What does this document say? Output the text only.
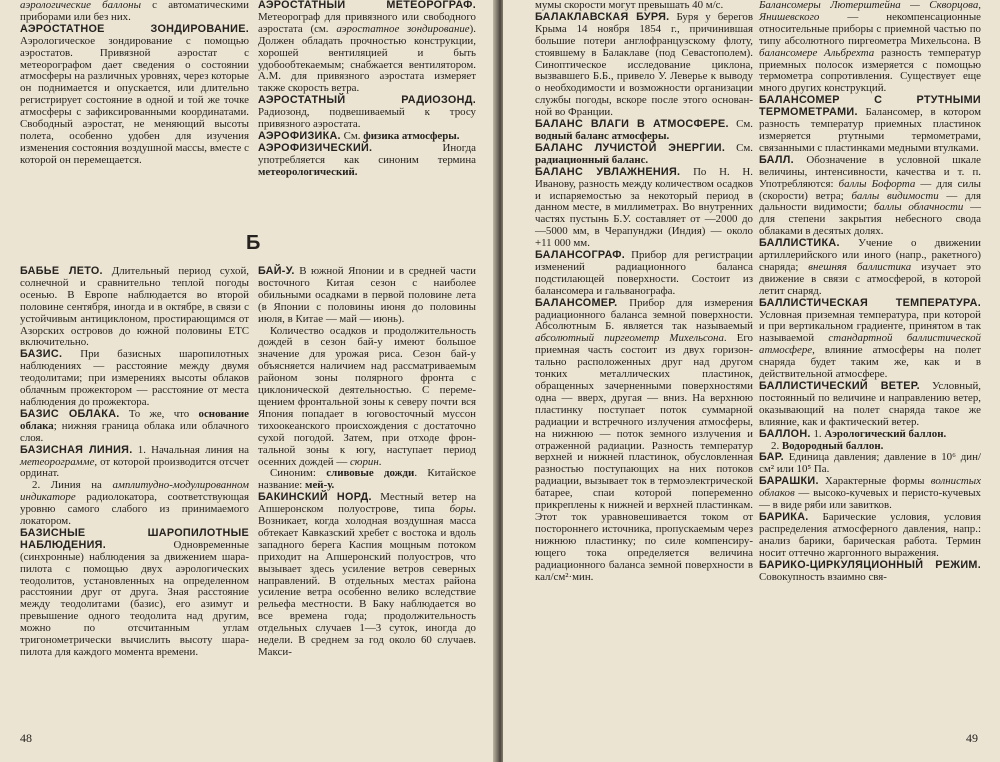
аэрологические баллоны с автоматическими приборами или без них.

АЭРОСТАТНОЕ ЗОНДИРОВАНИЕ. Аэрологическое зондирование с помощью аэростатов. Привязной аэростат с метеорографом дает сведения о состоянии атмосферы на различных уровнях, через которые он поднимается и опускается, или длительно регистрирует состояние в одной и той же точке атмосферы с зафиксированными координатами. Свободный аэростат, не меняющий высоты полета, особенно удобен для изучения изменения состояния воздушной массы, вместе с которой он перемещается.

АЭРОСТАТНЫЙ МЕТЕОРОГРАФ. Метеорограф для привязного или свободного аэростата (см. аэростатное зондирование). Должен обладать прочностью конструкции, хорошей вентиляцией и быть удобообтекаемым; снабжается вентилятором. А.М. для привязного аэростата измеряет также скорость ветра.

АЭРОСТАТНЫЙ РАДИОЗОНД. Радиозонд, подвешиваемый к тросу привязного аэростата.

АЭРОФИЗИКА. См. физика атмосферы.

АЭРОФИЗИЧЕСКИЙ. Иногда употребляется как синоним термина метеорологический.

Б

БАБЬЕ ЛЕТО. Длительный период сухой, солнечной и сравнительно теплой погоды осенью. В Европе наблюдается во второй половине сентября, иногда и в октябре, в связи с устойчивым антициклоном, простирающимся от Азорских островов до южной половины ЕТС включительно.

БАЗИС. При базисных шаропилотных наблюдениях — расстояние между двумя теодолитами; при измерениях высоты облаков облачным прожектором — расстояние от места наблюдения до прожектора.

БАЗИС ОБЛАКА. То же, что основание облака; нижняя граница облака или облачного слоя.

БАЗИСНАЯ ЛИНИЯ. 1. Начальная линия на метеорограмме, от которой производится отсчет ординат.

2. Линия на амплитудно-модулированном индикаторе радиолокатора, соответствующая уровню самого слабого из принимаемого локатором.

БАЗИСНЫЕ ШАРОПИЛОТНЫЕ НАБЛЮДЕНИЯ. Одновременные (синхронные) наблюдения за движением шара-пилота с помощью двух аэрологических теодолитов, установленных на определенном расстоянии друг от друга. Зная расстояние между теодолитами (базис), его азимут и превышение одного теодолита над другим, можно по отсчитанным углам тригонометрически вычислить высоту шара-пилота для каждого момента времени.

БАЙ-У. В южной Японии и в средней части восточного Китая сезон с наиболее обильными осадками в первой половине лета (в Японии с половины июня до половины июля, в Китае — май — июнь).

Количество осадков и продолжительность дождей в сезон бай-у имеют большое значение для урожая риса. Сезон бай-у объясняется наличием над рассматриваемым районом зоны полярного фронта с циклонической деятельностью. С перемещением фронтальной зоны к северу почти вся Япония попадает в юговосточный муссон тихоокеанского происхождения с достаточно сухой погодой. Затем, при отходе фронтальной зоны к югу, наступает период осенних дождей — сюрин.

Синоним: сливовые дожди. Китайское название: мей-у.

БАКИНСКИЙ НОРД. Местный ветер на Апшеронском полуострове, типа боры. Возникает, когда холодная воздушная масса обтекает Кавказский хребет с востока и вдоль западного берега Каспия мощным потоком приходит на Апшеронский полуостров, что вызывает здесь усиление ветров северных направлений. В отдельных местах района усиление ветра особенно велико вследствие рельефа местности. В Баку наблюдается во все времена года; продолжительность отдельных случаев 1—3 суток, иногда до недели. В среднем за год около 60 случаев. Макси-

48

мумы скорости могут превышать 40 м/с.

БАЛАКЛАВСКАЯ БУРЯ. Буря у берегов Крыма 14 ноября 1854 г., причинившая большие потери англофранцузскому флоту, стоявшему в Балаклаве (под Севастополем). Синоптическое исследование циклона, вызвавшего Б.Б., привело У. Леверье к выводу о необходимости и возможности организации службы погоды, вскоре после этого основанной во Франции.

БАЛАНС ВЛАГИ В АТМОСФЕРЕ. См. водный баланс атмосферы.

БАЛАНС ЛУЧИСТОЙ ЭНЕРГИИ. См. радиационный баланс.

БАЛАНС УВЛАЖНЕНИЯ. По Н. Н. Иванову, разность между количеством осадков и испаряемостью за некоторый период в данном месте, в миллиметрах. Во внутренних частях пустынь Б.У. составляет от —2000 до —5000 мм, в Черапунджи (Индия) — около +11 000 мм.

БАЛАНСОГРАФ. Прибор для регистрации изменений радиационного баланса подстилающей поверхности. Состоит из балансомера и гальванографа.

БАЛАНСОМЕР. Прибор для измерения радиационного баланса земной поверхности. Абсолютным Б. является так называемый абсолютный пиргеометр Михельсона. Его приемная часть состоит из двух горизонтально расположенных друг над другом тонких металлических пластинок, обращенных зачерненными поверхностями одна — вверх, другая — вниз. На верхнюю пластинку поступает поток суммарной радиации и встречного излучения атмосферы, на нижнюю — поток земного излучения и отраженной радиации. Разность температур верхней и нижней пластинок, обусловленная разностью поступающих на них потоков радиации, вызывает ток в термоэлектрической батарее, спаи которой попеременно прикреплены к нижней и верхней пластинкам. Этот ток уравновешивается током от постороннего источника, пропускаемым через нижнюю пластинку; по силе компенсирующего тока определяется величина радиационного баланса земной поверхности в кал/см²·мин.

Балансомеры Лютерштейна — Скворцова, Янишевского — некомпенсационные относительные приборы с приемной частью по типу абсолютного пиргеометра Михельсона. В балансомере Альбрехта разность температур приемных полосок измеряется с помощью термометра сопротивления. Существует еще много других конструкций.

БАЛАНСОМЕР С РТУТНЫМИ ТЕРМОМЕТРАМИ. Балансомер, в котором разность температур приемных пластинок измеряется ртутными термометрами, связанными с пластинками медными втулками.

БАЛЛ. Обозначение в условной шкале величины, интенсивности, качества и т. п. Употребляются: баллы Бофорта — для силы (скорости) ветра; баллы видимости — для дальности видимости; баллы облачности — для степени закрытия небесного свода облаками в десятых долях.

БАЛЛИСТИКА. Учение о движении артиллерийского или иного (напр., ракетного) снаряда; внешняя баллистика изучает это движение в связи с атмосферой, в которой летит снаряд.

БАЛЛИСТИЧЕСКАЯ ТЕМПЕРАТУРА. Условная приземная температура, при которой и при вертикальном градиенте, принятом в так называемой стандартной баллистической атмосфере, влияние атмосферы на полет снаряда будет таким же, как и в действительной атмосфере.

БАЛЛИСТИЧЕСКИЙ ВЕТЕР. Условный, постоянный по величине и направлению ветер, оказывающий на полет снаряда такое же влияние, как и фактический ветер.

БАЛЛОН. 1. Аэрологический баллон.

2. Водородный баллон.

БАР. Единица давления; давление в 10⁶ дин/см² или 10⁵ Па.

БАРАШКИ. Характерные формы волнистых облаков — высоко-кучевых и перисто-кучевых — в виде ряби или завитков.

БАРИКА. Барические условия, условия распределения атмосферного давления, напр.: анализ барики, барическая работа. Термин носит оттечно жаргонного выражения.

БАРИКО-ЦИРКУЛЯЦИОННЫЙ РЕЖИМ. Совокупность взаимно свя-

49
